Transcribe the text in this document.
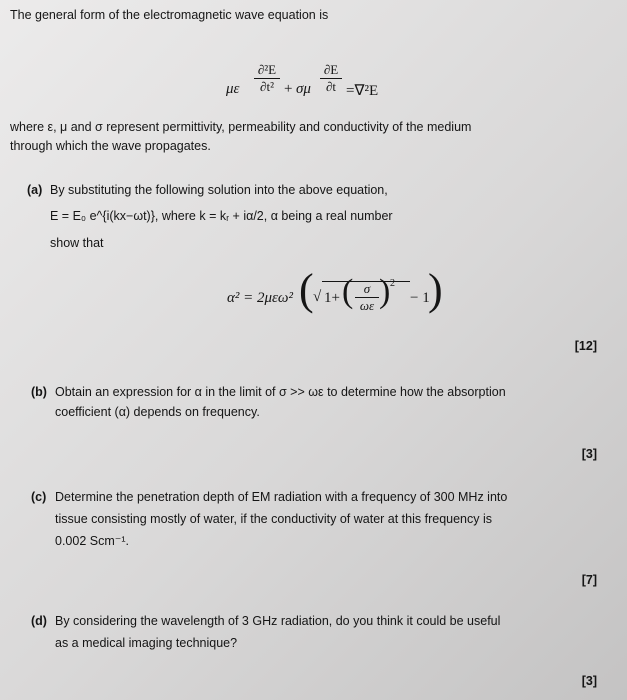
The general form of the electromagnetic wave equation is
με
∂²E
∂t² + σμ
∂E
∂t =∇²E
where ε, μ and σ represent permittivity, permeability and conductivity of the medium
through which the wave propagates.
(a) By substituting the following solution into the above equation,
E = E₀ e^{i(kx−ωt)}, where k = kᵣ + iα/2, α being a real number
show that
α² = 2μεω² ( √ 1+ ( σ
ωε ) 2
− 1
)
[12]
(b) Obtain an expression for α in the limit of σ >> ωε to determine how the absorption
coefficient (α) depends on frequency.
[3]
(c) Determine the penetration depth of EM radiation with a frequency of 300 MHz into
tissue consisting mostly of water, if the conductivity of water at this frequency is
0.002 Scm⁻¹.
[7]
(d) By considering the wavelength of 3 GHz radiation, do you think it could be useful
as a medical imaging technique?
[3]
